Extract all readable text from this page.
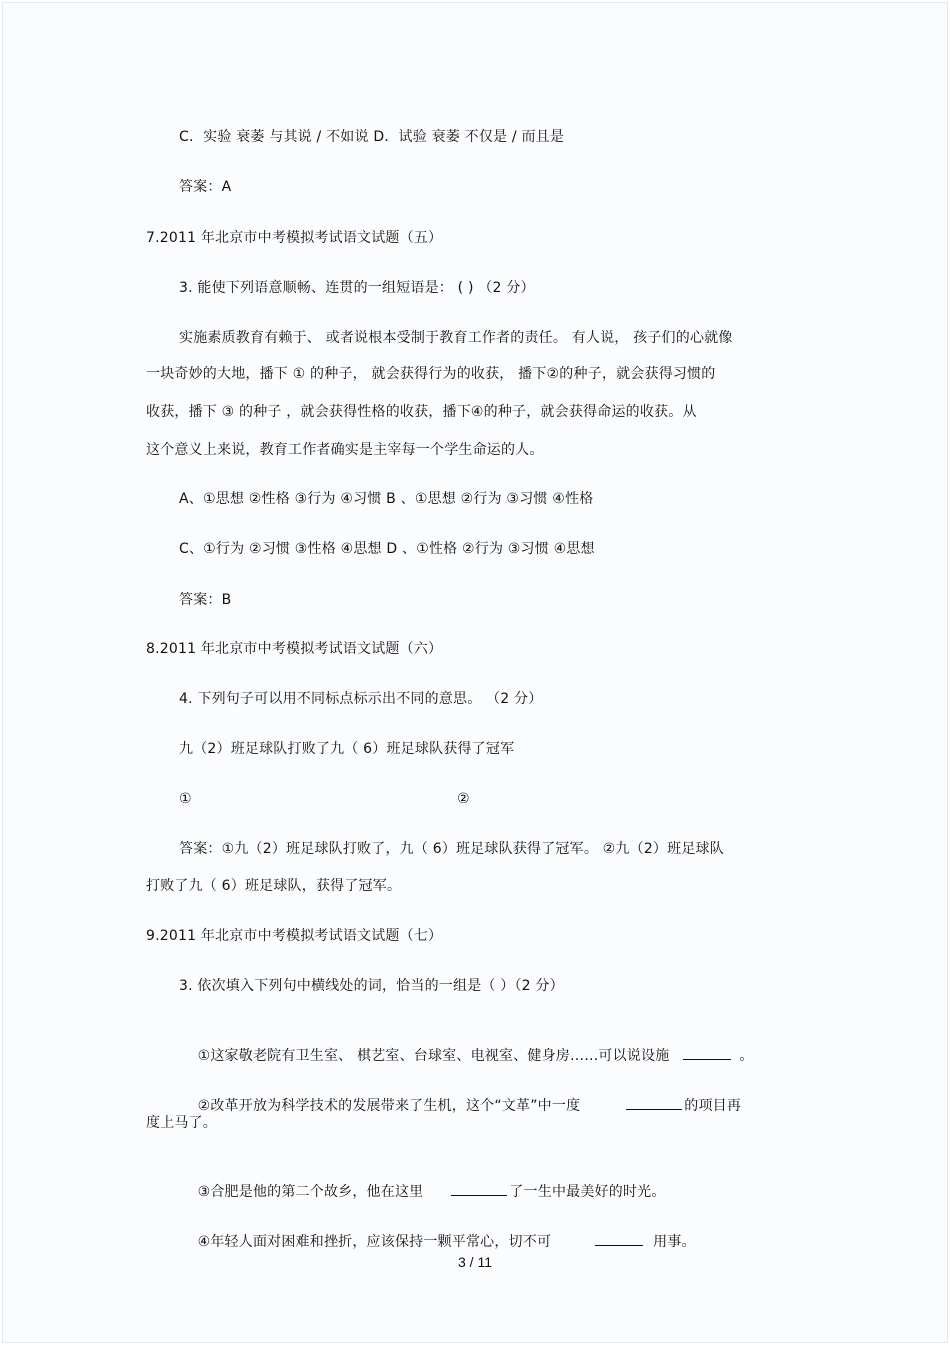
C．实验 衰萎 与其说 / 不如说 D．试验 衰萎 不仅是 / 而且是
答案：A
7.2011 年北京市中考模拟考试语文试题（五）
3. 能使下列语意顺畅、连贯的一组短语是： ( ) （2 分）
实施素质教育有赖于、 或者说根本受制于教育工作者的责任。 有人说， 孩子们的心就像
一块奇妙的大地，播下 ① 的种子， 就会获得行为的收获， 播下②的种子，就会获得习惯的
收获，播下 ③ 的种子 ，就会获得性格的收获，播下④的种子，就会获得命运的收获。从
这个意义上来说，教育工作者确实是主宰每一个学生命运的人。
A、①思想 ②性格 ③行为 ④习惯 B 、①思想 ②行为 ③习惯 ④性格
C、①行为 ②习惯 ③性格 ④思想 D 、①性格 ②行为 ③习惯 ④思想
答案：B
8.2011 年北京市中考模拟考试语文试题（六）
4. 下列句子可以用不同标点标示出不同的意思。 （2 分）
九（2）班足球队打败了九（ 6）班足球队获得了冠军
①	②
答案：①九（2）班足球队打败了，九（ 6）班足球队获得了冠军。 ②九（2）班足球队
打败了九（ 6）班足球队，获得了冠军。
9.2011 年北京市中考模拟考试语文试题（七）
3. 依次填入下列句中横线处的词，恰当的一组是（ ）（2 分）

①这家敬老院有卫生室、 棋艺室、台球室、电视室、健身房……可以说设施	。

②改革开放为科学技术的发展带来了生机，这个“文革”中一度	的项目再

度上马了。

③合肥是他的第二个故乡，他在这里	了一生中最美好的时光。

④年轻人面对困难和挫折，应该保持一颗平常心，切不可	用事。

3 / 11
